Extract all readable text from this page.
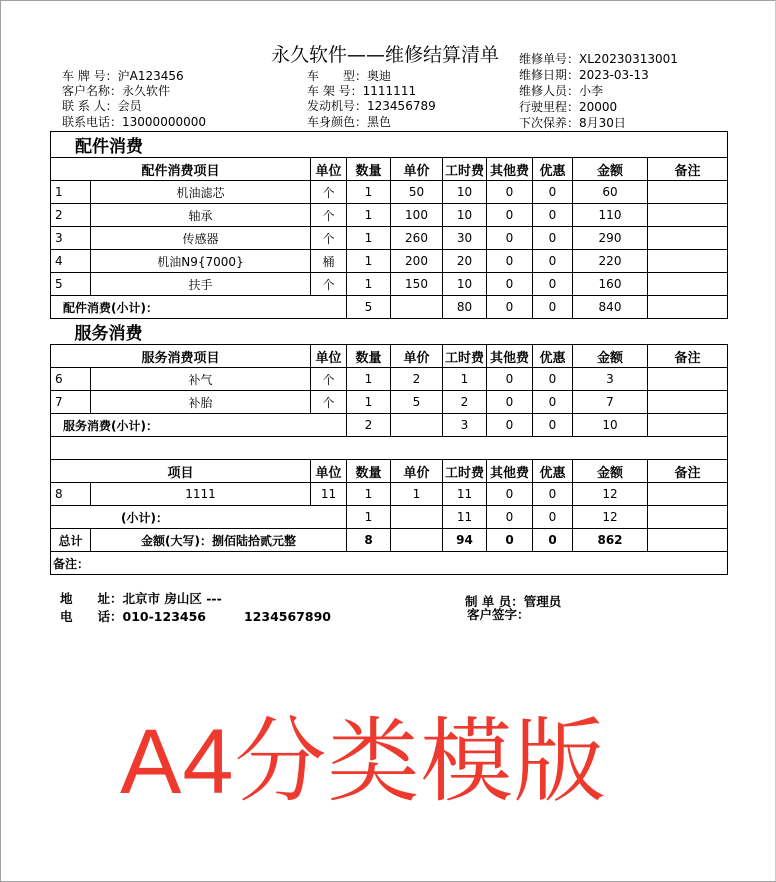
永久软件——维修结算清单
车 牌 号：沪A123456
客户名称：永久软件
联 系 人：会员
联系电话：13000000000
车　　型：奥迪
车 架 号：1111111
发动机号：123456789
车身颜色：黑色
维修单号：XL20230313001
维修日期：2023-03-13
维修人员：小李
行驶里程：20000
下次保养：8月30日
配件消费									
配件消费项目		单位	数量	单价	工时费	其他费	优惠	金额	备注
1	机油滤芯	个	1	50	10	0	0	60	
2	轴承	个	1	100	10	0	0	110	
3	传感器	个	1	260	30	0	0	290	
4	机油N9{7000}	桶	1	200	20	0	0	220	
5	扶手	个	1	150	10	0	0	160	
配件消费(小计)：			5		80	0	0	840	
服务消费									
服务消费项目		单位	数量	单价	工时费	其他费	优惠	金额	备注
6	补气	个	1	2	1	0	0	3	
7	补胎	个	1	5	2	0	0	7	
服务消费(小计)：			2		3	0	0	10	

项目		单位	数量	单价	工时费	其他费	优惠	金额	备注
8	1111	11	1	1	11	0	0	12	
(小计)：			1		11	0	0	12	
总计	金额(大写)：捌佰陆拾贰元整		8		94	0	0	862	
备注：									
地　　址：北京市 房山区 ---
电　　话：010-123456	1234567890
制 单 员：管理员
客户签字：
A4分类模版
